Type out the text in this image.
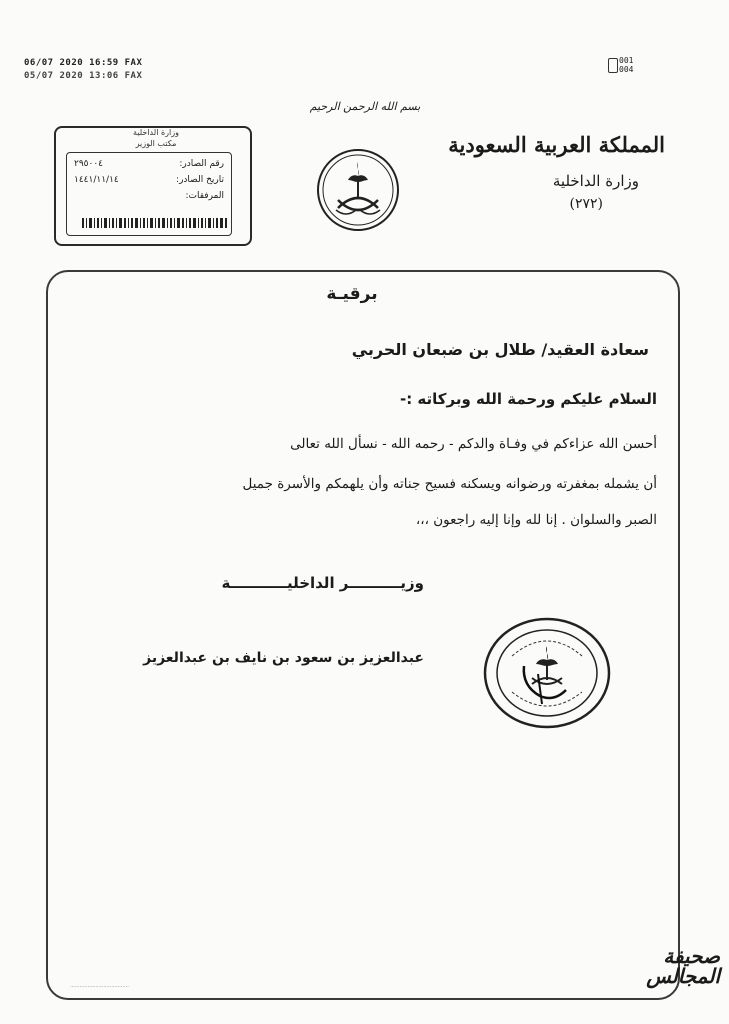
06/07 2020 16:59 FAX
05/07 2020 13:06 FAX
001
004
بسم الله الرحمن الرحيم
المملكة العربية السعودية
وزارة الداخلية
(٢٧٢)
وزارة الداخلية
مكتب الوزير
رقم الصادر:
٢٩٥٠٠٤
تاريخ الصادر:
١٤٤١/١١/١٤
المرفقات:
برقيـة
سعادة العقيد/ طلال بن ضبعان الحربي
السلام عليكم ورحمة الله وبركاته :-
أحسن الله عزاءكم في وفـاة والدكم - رحمه الله - نسأل الله تعالى
أن يشمله بمغفرته ورضوانه ويسكنه فسيح جناته وأن يلهمكم والأسرة جميل
الصبر والسلوان . إنا لله وإنا إليه راجعون ،،،
وزيــــــــــر الداخليـــــــــــة
عبدالعزيز بن سعود بن نايف بن عبدالعزيز
.....................................
صحيفة
المجالس
